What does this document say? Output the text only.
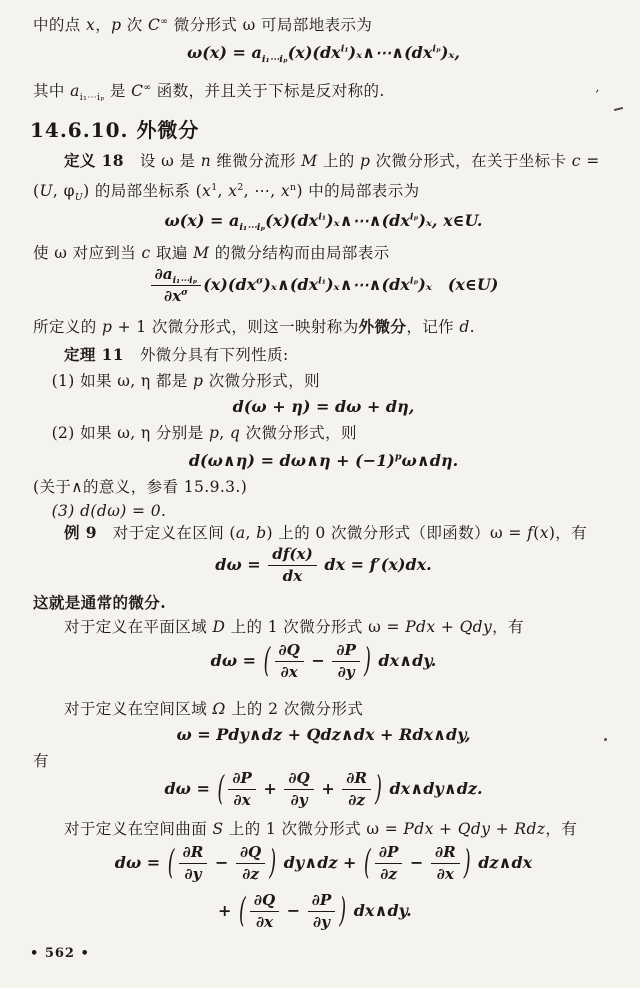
中的点 x，p 次 C∞ 微分形式 ω 可局部地表示为
$\omega(x) = a_{i_1\cdots i_p}(x)(dx^{i_1})_x\wedge\cdots\wedge(dx^{i_p})_x$,
其中 $a_{i_1\cdots i_p}$ 是 C∞ 函数，并且关于下标是反对称的.
14.6.10. 外微分
定义 18　设 ω 是 n 维微分流形 M 上的 p 次微分形式，在关于坐标卡 c = (U, $\varphi_U$) 的局部坐标系 ($x^1$, $x^2$, ⋯, $x^n$) 中的局部表示为
$\omega(x) = a_{i_1\cdots i_p}(x)(dx^{i_1})_x\wedge\cdots\wedge(dx^{i_p})_x$, x∈U.
使 ω 对应到当 c 取遍 M 的微分结构而由局部表示
$\frac{\partial a_{i_1\cdots i_p}}{\partial x^\sigma}$ $(x)(dx^\sigma)_x\wedge(dx^{i_1})_x\wedge\cdots\wedge(dx^{i_p})_x$　(x∈U)
所定义的 p + 1 次微分形式，则这一映射称为外微分，记作 d.
定理 11　外微分具有下列性质:
(1) 如果 ω, η 都是 p 次微分形式，则
d(ω + η) = dω + dη,
(2) 如果 ω, η 分别是 p, q 次微分形式，则
d(ω∧η) = dω∧η + $(-1)^p\omega\wedge d\eta$.
(关于∧的意义，参看 15.9.3.)
(3) d(dω) = 0.
例 9　对于定义在区间 (a, b) 上的 0 次微分形式（即函数）ω = f(x)，有
$d\omega = \frac{df(x)}{dx}$ dx = f′(x)dx.
这就是通常的微分.
对于定义在平面区域 D 上的 1 次微分形式 ω = Pdx + Qdy，有
dω = ( $\frac{\partial Q}{\partial x} - \frac{\partial P}{\partial y}$ ) dx∧dy.
对于定义在空间区域 Ω 上的 2 次微分形式
ω = Pdy∧dz + Qdz∧dx + Rdx∧dy,
有
dω = ( $\frac{\partial P}{\partial x} + \frac{\partial Q}{\partial y} + \frac{\partial R}{\partial z}$ ) dx∧dy∧dz.
对于定义在空间曲面 S 上的 1 次微分形式 ω = Pdx + Qdy + Rdz，有
dω = ( $\frac{\partial R}{\partial y} - \frac{\partial Q}{\partial z}$ ) dy∧dz + ( $\frac{\partial P}{\partial z} - \frac{\partial R}{\partial x}$ ) dz∧dx
+ ( $\frac{\partial Q}{\partial x} - \frac{\partial P}{\partial y}$ ) dx∧dy.
• 562 •
’
